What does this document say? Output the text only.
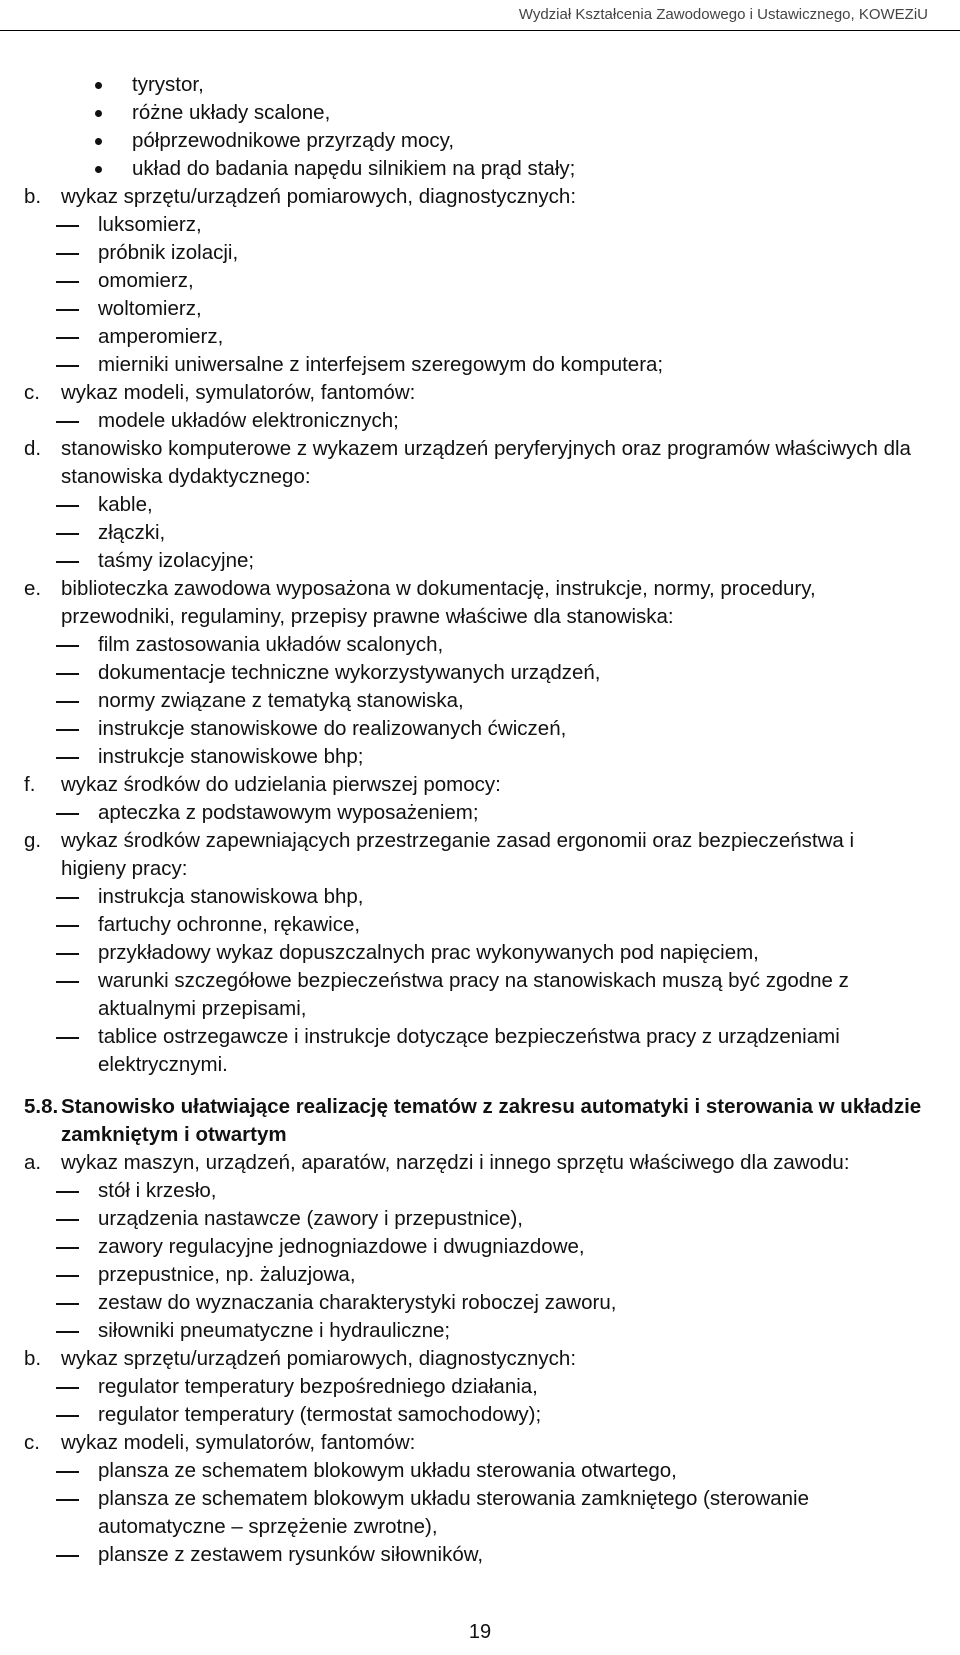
Wydział Kształcenia Zawodowego i Ustawicznego, KOWEZiU
tyrystor,
różne układy scalone,
półprzewodnikowe przyrządy mocy,
układ do badania napędu silnikiem na prąd stały;
b. wykaz sprzętu/urządzeń pomiarowych, diagnostycznych:
luksomierz,
próbnik izolacji,
omomierz,
woltomierz,
amperomierz,
mierniki uniwersalne z interfejsem szeregowym do komputera;
c. wykaz modeli, symulatorów, fantomów:
modele układów elektronicznych;
d. stanowisko komputerowe z wykazem urządzeń peryferyjnych oraz programów właściwych dla stanowiska dydaktycznego:
kable,
złączki,
taśmy izolacyjne;
e. biblioteczka zawodowa wyposażona w dokumentację, instrukcje, normy, procedury, przewodniki, regulaminy, przepisy prawne właściwe dla stanowiska:
film zastosowania układów scalonych,
dokumentacje techniczne wykorzystywanych urządzeń,
normy związane z tematyką stanowiska,
instrukcje stanowiskowe do realizowanych ćwiczeń,
instrukcje stanowiskowe bhp;
f. wykaz środków do udzielania pierwszej pomocy:
apteczka z podstawowym wyposażeniem;
g. wykaz środków zapewniających przestrzeganie zasad ergonomii oraz bezpieczeństwa i higieny pracy:
instrukcja stanowiskowa bhp,
fartuchy ochronne, rękawice,
przykładowy wykaz dopuszczalnych prac wykonywanych pod napięciem,
warunki szczegółowe bezpieczeństwa pracy na stanowiskach muszą być zgodne z aktualnymi przepisami,
tablice ostrzegawcze i instrukcje dotyczące bezpieczeństwa pracy z urządzeniami elektrycznymi.
5.8. Stanowisko ułatwiające realizację tematów z zakresu automatyki i sterowania w układzie zamkniętym i otwartym
a. wykaz maszyn, urządzeń, aparatów, narzędzi i innego sprzętu właściwego dla zawodu:
stół i krzesło,
urządzenia nastawcze (zawory i przepustnice),
zawory regulacyjne jednogniazdowe i dwugniazdowe,
przepustnice, np. żaluzjowa,
zestaw do wyznaczania charakterystyki roboczej zaworu,
siłowniki pneumatyczne i hydrauliczne;
b. wykaz sprzętu/urządzeń pomiarowych, diagnostycznych:
regulator temperatury bezpośredniego działania,
regulator temperatury (termostat samochodowy);
c. wykaz modeli, symulatorów, fantomów:
plansza ze schematem blokowym układu sterowania otwartego,
plansza ze schematem blokowym układu sterowania zamkniętego (sterowanie automatyczne – sprzężenie zwrotne),
plansze z zestawem rysunków siłowników,
19
